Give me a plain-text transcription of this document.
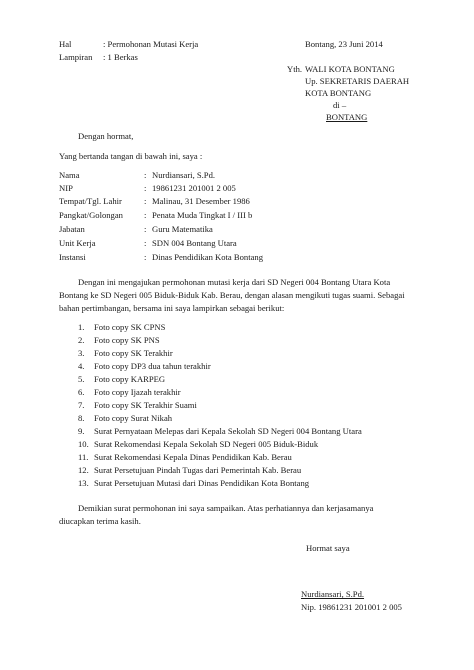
Hal	: Permohonan Mutasi Kerja	Bontang, 23 Juni 2014
Lampiran : 1 Berkas
Yth. WALI KOTA BONTANG
Up. SEKRETARIS DAERAH
KOTA BONTANG
di –
BONTANG
Dengan hormat,
Yang bertanda tangan di bawah ini, saya :
Nama	: Nurdiansari, S.Pd.
NIP	: 19861231 201001 2 005
Tempat/Tgl. Lahir	: Malinau, 31 Desember 1986
Pangkat/Golongan : Penata Muda Tingkat I / III b
Jabatan	: Guru Matematika
Unit Kerja	: SDN 004 Bontang Utara
Instansi	: Dinas Pendidikan Kota Bontang
Dengan ini mengajukan permohonan mutasi kerja dari SD Negeri 004 Bontang Utara Kota
Bontang ke SD Negeri 005 Biduk-Biduk Kab. Berau, dengan alasan mengikuti tugas suami. Sebagai
bahan pertimbangan, bersama ini saya lampirkan sebagai berikut:
1.	Foto copy SK CPNS
2.	Foto copy SK PNS
3.	Foto copy SK Terakhir
4.	Foto copy DP3 dua tahun terakhir
5.	Foto copy KARPEG
6.	Foto copy Ijazah terakhir
7.	Foto copy SK Terakhir Suami
8.	Foto copy Surat Nikah
9.	Surat Pernyataan Melepas dari Kepala Sekolah SD Negeri 004 Bontang Utara
10. Surat Rekomendasi Kepala Sekolah SD Negeri 005 Biduk-Biduk
11. Surat Rekomendasi Kepala Dinas Pendidikan Kab. Berau
12. Surat Persetujuan Pindah Tugas dari Pemerintah Kab. Berau
13. Surat Persetujuan Mutasi dari Dinas Pendidikan Kota Bontang
Demikian surat permohonan ini saya sampaikan. Atas perhatiannya dan kerjasamanya
diucapkan terima kasih.
Hormat saya
Nurdiansari, S.Pd.
Nip. 19861231 201001 2 005
